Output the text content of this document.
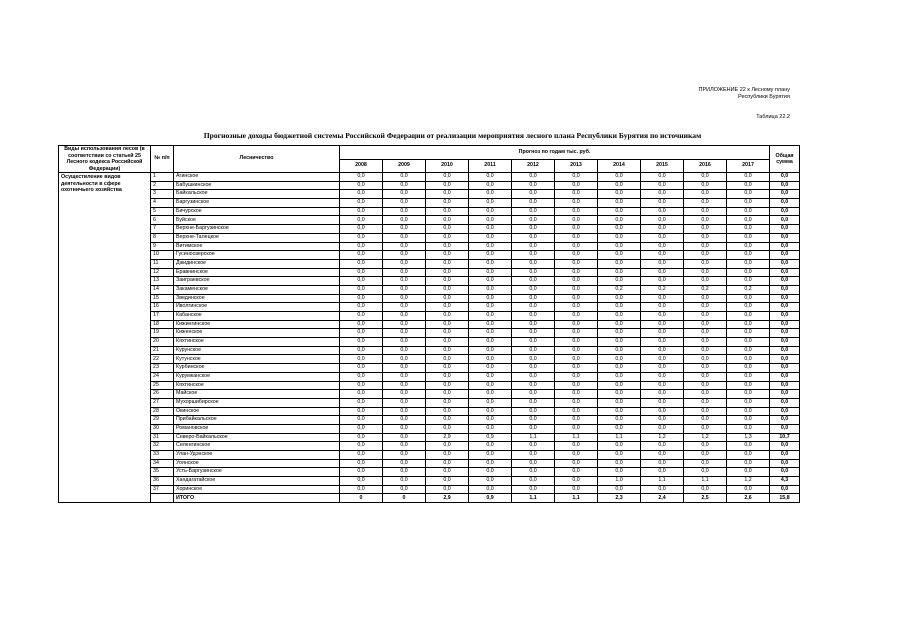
ПРИЛОЖЕНИЕ 22 к Лесному плану
Республики Бурятия
Таблица 22.2
Прогнозные доходы бюджетной системы Российской Федерации от реализации мероприятия лесного плана Республики Бурятия по источникам
Виды использования лесов (в соответствии со статьей 25 Лесного кодекса Российской Федерации)	№ п/п	Лесничество	Прогноз по годам тыс. руб.										Общая сумма
			2008	2009	2010	2011	2012	2013	2014	2015	2016	2017	
Осуществление видов деятельности в сфере охотничьего хозяйства	1	Агинское	0,0	0,0	0,0	0,0	0,0	0,0	0,0	0,0	0,0	0,0	0,0
	2	Бабушкинское	0,0	0,0	0,0	0,0	0,0	0,0	0,0	0,0	0,0	0,0	0,0
	3	Байкальское	0,0	0,0	0,0	0,0	0,0	0,0	0,0	0,0	0,0	0,0	0,0
	4	Баргузинское	0,0	0,0	0,0	0,0	0,0	0,0	0,0	0,0	0,0	0,0	0,0
	5	Бичурское	0,0	0,0	0,0	0,0	0,0	0,0	0,0	0,0	0,0	0,0	0,0
	6	Буйское	0,0	0,0	0,0	0,0	0,0	0,0	0,0	0,0	0,0	0,0	0,0
	7	Верхне-Баргузинское	0,0	0,0	0,0	0,0	0,0	0,0	0,0	0,0	0,0	0,0	0,0
	8	Верхне-Талецкое	0,0	0,0	0,0	0,0	0,0	0,0	0,0	0,0	0,0	0,0	0,0
	9	Витимское	0,0	0,0	0,0	0,0	0,0	0,0	0,0	0,0	0,0	0,0	0,0
	10	Гусиноозерское	0,0	0,0	0,0	0,0	0,0	0,0	0,0	0,0	0,0	0,0	0,0
	11	Джидинское	0,0	0,0	0,0	0,0	0,0	0,0	0,0	0,0	0,0	0,0	0,0
	12	Еравнинское	0,0	0,0	0,0	0,0	0,0	0,0	0,0	0,0	0,0	0,0	0,0
	13	Заиграевское	0,0	0,0	0,0	0,0	0,0	0,0	0,0	0,0	0,0	0,0	0,0
	14	Закаменское	0,0	0,0	0,0	0,0	0,0	0,0	0,2	0,2	0,2	0,2	0,0
	15	Звединское	0,0	0,0	0,0	0,0	0,0	0,0	0,0	0,0	0,0	0,0	0,0
	16	Иволгинское	0,0	0,0	0,0	0,0	0,0	0,0	0,0	0,0	0,0	0,0	0,0
	17	Кабанское	0,0	0,0	0,0	0,0	0,0	0,0	0,0	0,0	0,0	0,0	0,0
	18	Кижингинское	0,0	0,0	0,0	0,0	0,0	0,0	0,0	0,0	0,0	0,0	0,0
	19	Киженское	0,0	0,0	0,0	0,0	0,0	0,0	0,0	0,0	0,0	0,0	0,0
	20	Кяхтинское	0,0	0,0	0,0	0,0	0,0	0,0	0,0	0,0	0,0	0,0	0,0
	21	Курунское	0,0	0,0	0,0	0,0	0,0	0,0	0,0	0,0	0,0	0,0	0,0
	22	Кутунское	0,0	0,0	0,0	0,0	0,0	0,0	0,0	0,0	0,0	0,0	0,0
	23	Курбинское	0,0	0,0	0,0	0,0	0,0	0,0	0,0	0,0	0,0	0,0	0,0
	24	Курумканское	0,0	0,0	0,0	0,0	0,0	0,0	0,0	0,0	0,0	0,0	0,0
	25	Кяхтинское	0,0	0,0	0,0	0,0	0,0	0,0	0,0	0,0	0,0	0,0	0,0
	26	Майское	0,0	0,0	0,0	0,0	0,0	0,0	0,0	0,0	0,0	0,0	0,0
	27	Мухоршибирское	0,0	0,0	0,0	0,0	0,0	0,0	0,0	0,0	0,0	0,0	0,0
	28	Окинское	0,0	0,0	0,0	0,0	0,0	0,0	0,0	0,0	0,0	0,0	0,0
	29	Прибайкальское	0,0	0,0	0,0	0,0	0,0	0,0	0,0	0,0	0,0	0,0	0,0
	30	Романовское	0,0	0,0	0,0	0,0	0,0	0,0	0,0	0,0	0,0	0,0	0,0
	31	Северо-Байкальское	0,0	0,0	2,9	0,9	1,1	1,1	1,1	1,2	1,2	1,3	10,7
	32	Селенгинское	0,0	0,0	0,0	0,0	0,0	0,0	0,0	0,0	0,0	0,0	0,0
	33	Улан-Удэнское	0,0	0,0	0,0	0,0	0,0	0,0	0,0	0,0	0,0	0,0	0,0
	34	Уоянское	0,0	0,0	0,0	0,0	0,0	0,0	0,0	0,0	0,0	0,0	0,0
	35	Усть-Баргузинское	0,0	0,0	0,0	0,0	0,0	0,0	0,0	0,0	0,0	0,0	0,0
	36	Хандагатайское	0,0	0,0	0,0	0,0	0,0	0,0	1,0	1,1	1,1	1,2	4,3
	37	Хоринское	0,0	0,0	0,0	0,0	0,0	0,0	0,0	0,0	0,0	0,0	0,0
		ИТОГО	0	0	2,9	0,9	1,1	1,1	2,3	2,4	2,5	2,6	15,8
